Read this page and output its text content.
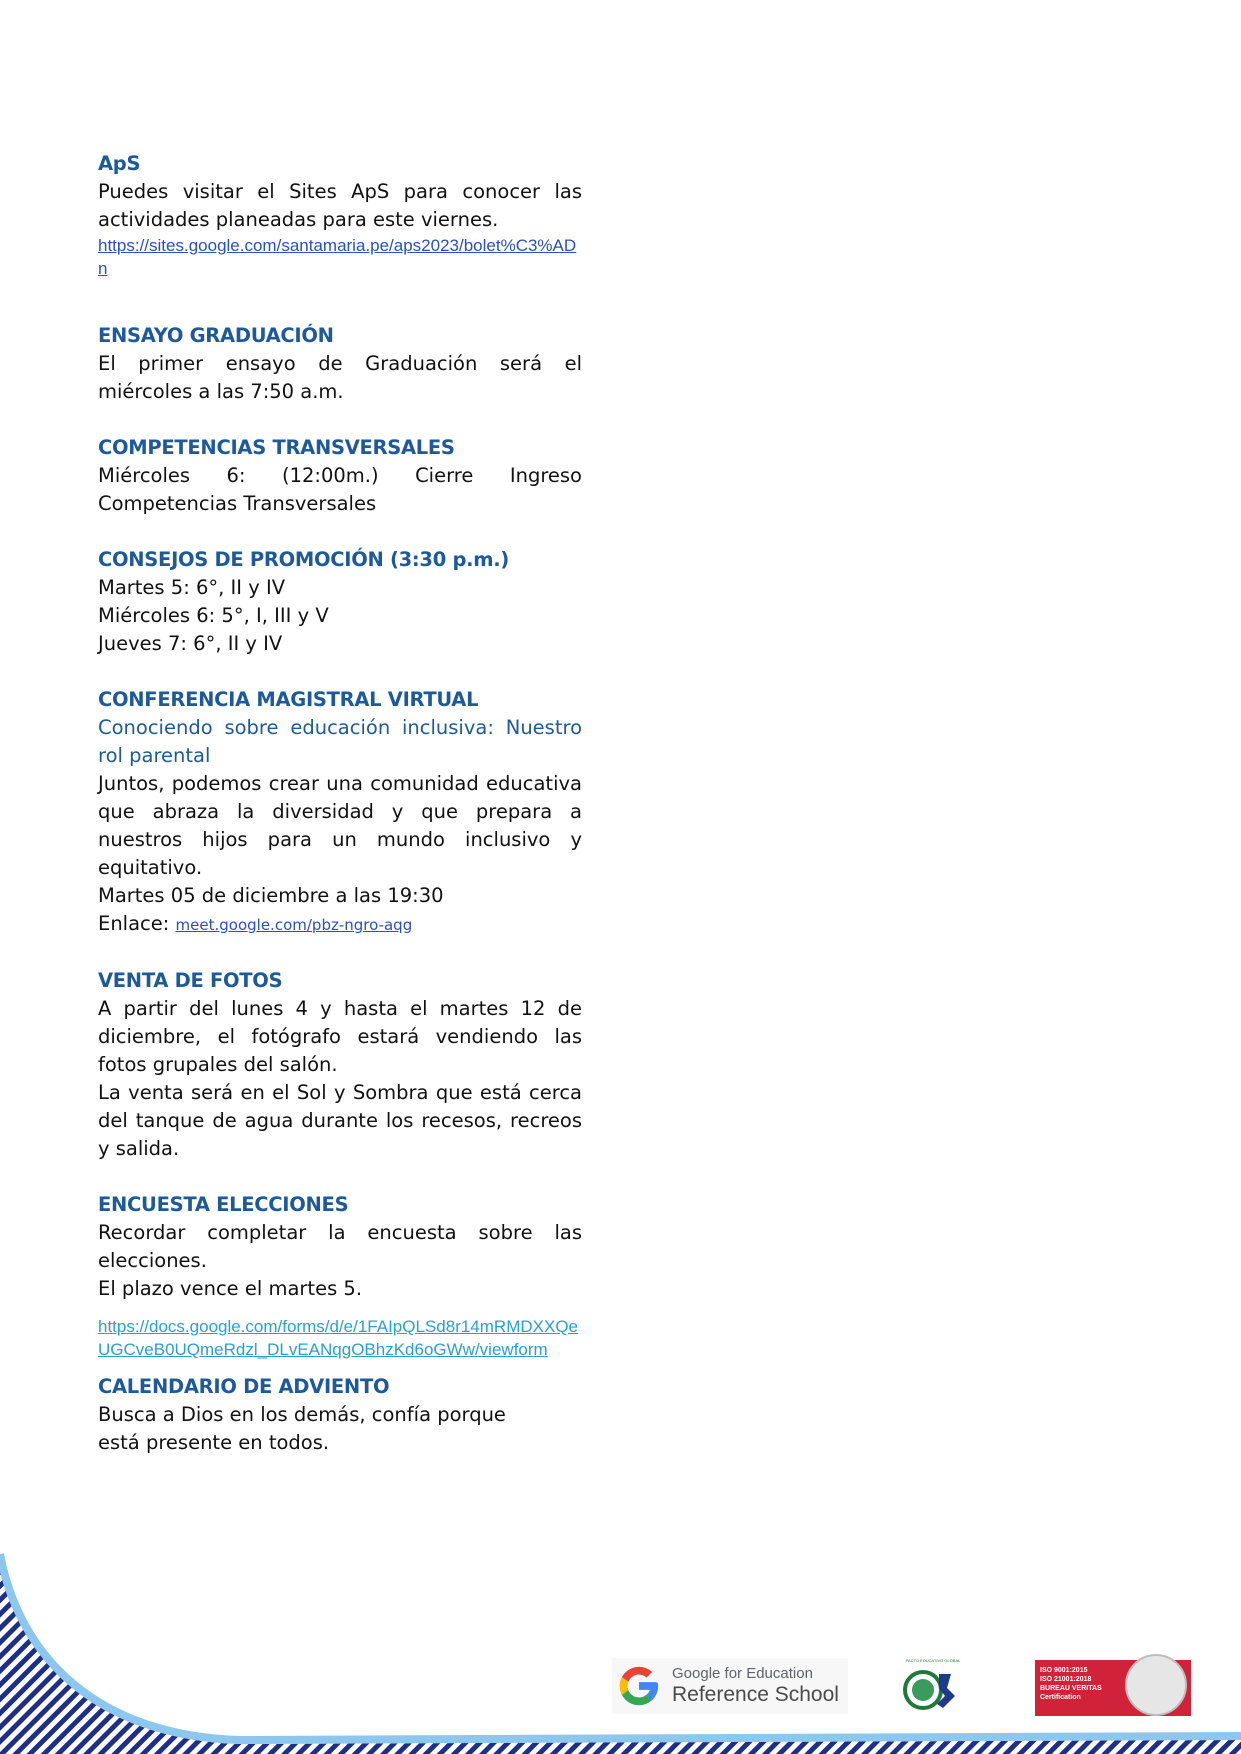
ApS

Puedes visitar el Sites ApS para conocer las actividades planeadas para este viernes.

https://sites.google.com/santamaria.pe/aps2023/bolet%C3%ADn

ENSAYO GRADUACIÓN

El primer ensayo de Graduación será el miércoles a las 7:50 a.m.

COMPETENCIAS TRANSVERSALES

Miércoles 6: (12:00m.) Cierre Ingreso Competencias Transversales

CONSEJOS DE PROMOCIÓN (3:30 p.m.)

Martes 5: 6°, II y IV

Miércoles 6: 5°, I, III y V

Jueves 7: 6°, II y IV

CONFERENCIA MAGISTRAL VIRTUAL

Conociendo sobre educación inclusiva: Nuestro rol parental

Juntos, podemos crear una comunidad educativa que abraza la diversidad y que prepara a nuestros hijos para un mundo inclusivo y equitativo.

Martes 05 de diciembre a las 19:30

Enlace: meet.google.com/pbz-ngro-aqg

VENTA DE FOTOS

A partir del lunes 4 y hasta el martes 12 de diciembre, el fotógrafo estará vendiendo las fotos grupales del salón.

La venta será en el Sol y Sombra que está cerca del tanque de agua durante los recesos, recreos y salida.

ENCUESTA ELECCIONES

Recordar completar la encuesta sobre las elecciones.

El plazo vence el martes 5.

https://docs.google.com/forms/d/e/1FAIpQLSd8r14mRMDXXQeUGCveB0UQmeRdzl_DLvEANqgOBhzKd6oGWw/viewform

CALENDARIO DE ADVIENTO

Busca a Dios en los demás, confía porque está presente en todos.

Google for Education
Reference School
PACTO EDUCATIVO GLOBAL
ISO 9001:2015
ISO 21001:2018
BUREAU VERITAS
Certification
